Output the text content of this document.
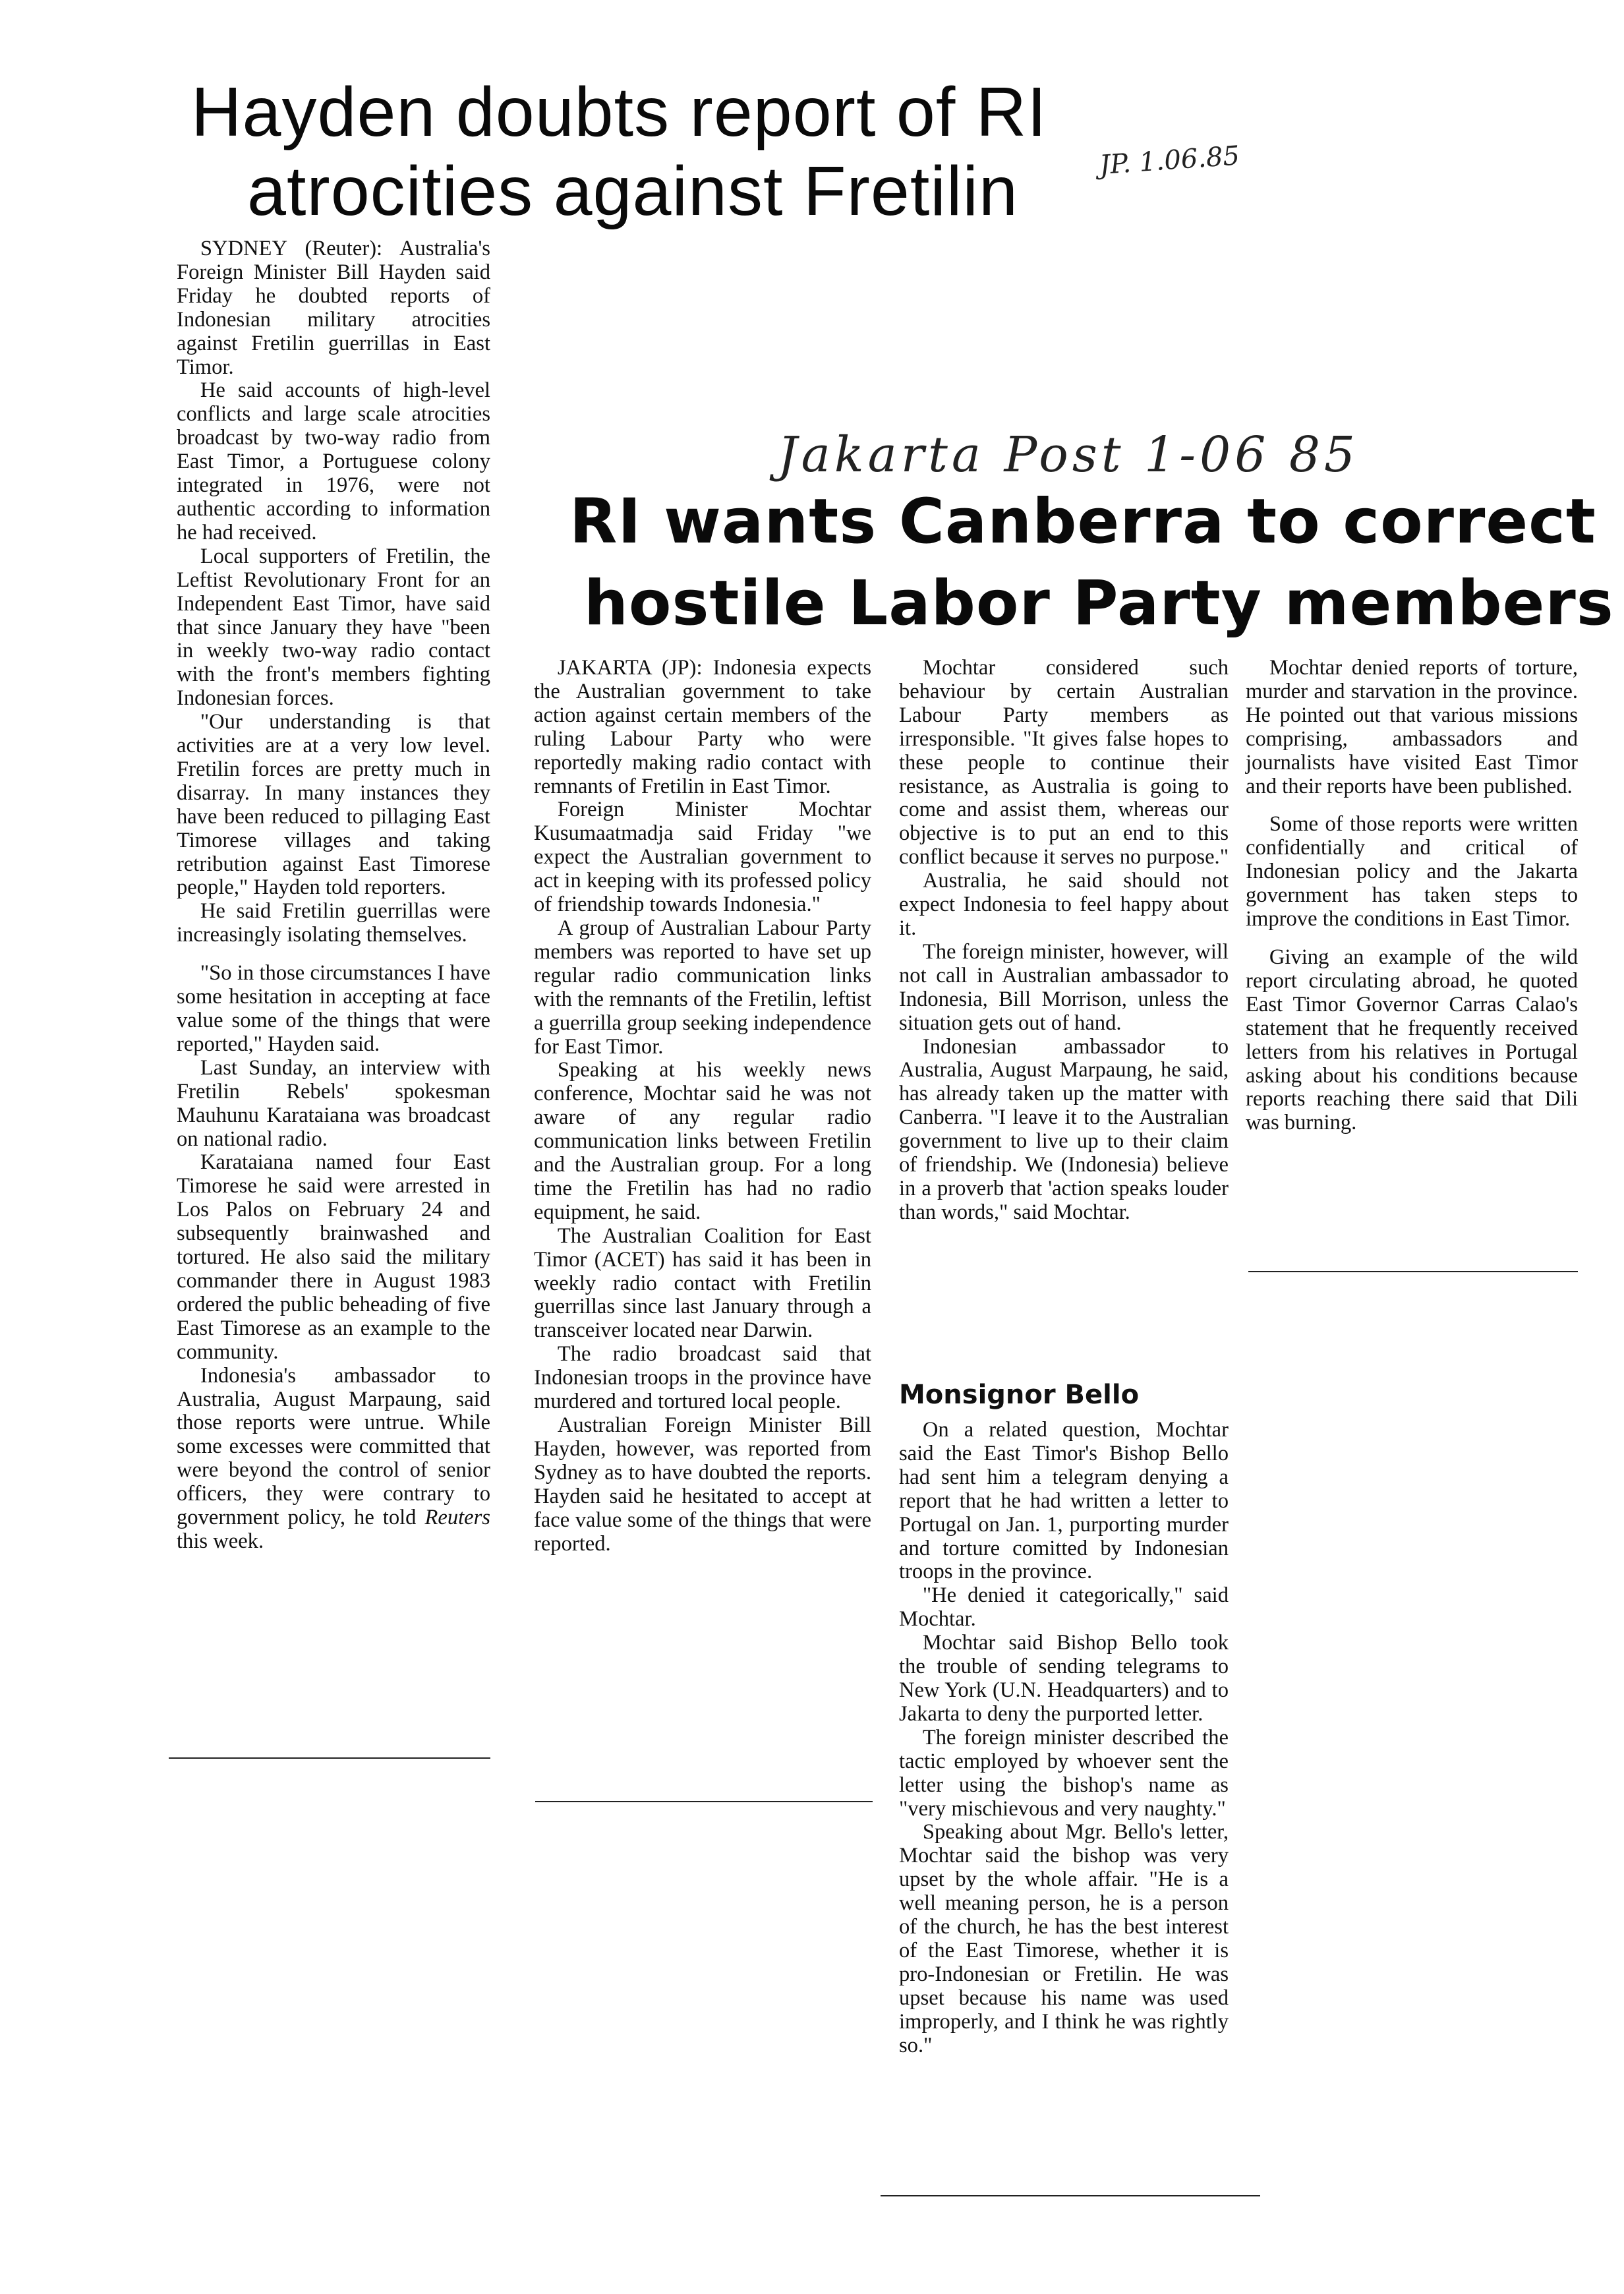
Hayden doubts report of RI
atrocities against Fretilin	JP. 1.06.85

SYDNEY (Reuter): Australia's Foreign Minister Bill Hayden said Friday he doubted reports of Indonesian military atrocities against Fretilin guerrillas in East Timor.

He said accounts of high-level conflicts and large scale atrocities broadcast by two-way radio from East Timor, a Portuguese colony integrated in 1976, were not authentic according to information he had received.

Local supporters of Fretilin, the Leftist Revolutionary Front for an Independent East Timor, have said that since January they have "been in weekly two-way radio contact with the front's members fighting Indonesian forces.

"Our understanding is that activities are at a very low level. Fretilin forces are pretty much in disarray. In many instances they have been reduced to pillaging East Timorese villages and taking retribution against East Timorese people," Hayden told reporters.

He said Fretilin guerrillas were increasingly isolating themselves.

"So in those circumstances I have some hesitation in accepting at face value some of the things that were reported," Hayden said.

Last Sunday, an interview with Fretilin Rebels' spokesman Mauhunu Karataiana was broadcast on national radio.

Karataiana named four East Timorese he said were arrested in Los Palos on February 24 and subsequently brainwashed and tortured. He also said the military commander there in August 1983 ordered the public beheading of five East Timorese as an example to the community.

Indonesia's ambassador to Australia, August Marpaung, said those reports were untrue. While some excesses were committed that were beyond the control of senior officers, they were contrary to government policy, he told Reuters this week.

Jakarta Post 1-06 85
RI wants Canberra to correct
hostile Labor Party members

JAKARTA (JP): Indonesia expects the Australian government to take action against certain members of the ruling Labour Party who were reportedly making radio contact with remnants of Fretilin in East Timor.

Foreign Minister Mochtar Kusumaatmadja said Friday "we expect the Australian government to act in keeping with its professed policy of friendship towards Indonesia."

A group of Australian Labour Party members was reported to have set up regular radio communication links with the remnants of the Fretilin, leftist a guerrilla group seeking independence for East Timor.

Speaking at his weekly news conference, Mochtar said he was not aware of any regular radio communication links between Fretilin and the Australian group. For a long time the Fretilin has had no radio equipment, he said.

The Australian Coalition for East Timor (ACET) has said it has been in weekly radio contact with Fretilin guerrillas since last January through a transceiver located near Darwin.

The radio broadcast said that Indonesian troops in the province have murdered and tortured local people.

Australian Foreign Minister Bill Hayden, however, was reported from Sydney as to have doubted the reports. Hayden said he hesitated to accept at face value some of the things that were reported.

Mochtar considered such behaviour by certain Australian Labour Party members as irresponsible. "It gives false hopes to these people to continue their resistance, as Australia is going to come and assist them, whereas our objective is to put an end to this conflict because it serves no purpose."

Australia, he said should not expect Indonesia to feel happy about it.

The foreign minister, however, will not call in Australian ambassador to Indonesia, Bill Morrison, unless the situation gets out of hand.

Indonesian ambassador to Australia, August Marpaung, he said, has already taken up the matter with Canberra. "I leave it to the Australian government to live up to their claim of friendship. We (Indonesia) believe in a proverb that 'action speaks louder than words," said Mochtar.

Monsignor Bello

On a related question, Mochtar said the East Timor's Bishop Bello had sent him a telegram denying a report that he had written a letter to Portugal on Jan. 1, purporting murder and torture comitted by Indonesian troops in the province.

"He denied it categorically," said Mochtar.

Mochtar said Bishop Bello took the trouble of sending telegrams to New York (U.N. Headquarters) and to Jakarta to deny the purported letter.

The foreign minister described the tactic employed by whoever sent the letter using the bishop's name as "very mischievous and very naughty."

Speaking about Mgr. Bello's letter, Mochtar said the bishop was very upset by the whole affair. "He is a well meaning person, he is a person of the church, he has the best interest of the East Timorese, whether it is pro-Indonesian or Fretilin. He was upset because his name was used improperly, and I think he was rightly so."

Mochtar denied reports of torture, murder and starvation in the province. He pointed out that various missions comprising, ambassadors and journalists have visited East Timor and their reports have been published.

Some of those reports were written confidentially and critical of Indonesian policy and the Jakarta government has taken steps to improve the conditions in East Timor.

Giving an example of the wild report circulating abroad, he quoted East Timor Governor Carras Calao's statement that he frequently received letters from his relatives in Portugal asking about his conditions because reports reaching there said that Dili was burning.
